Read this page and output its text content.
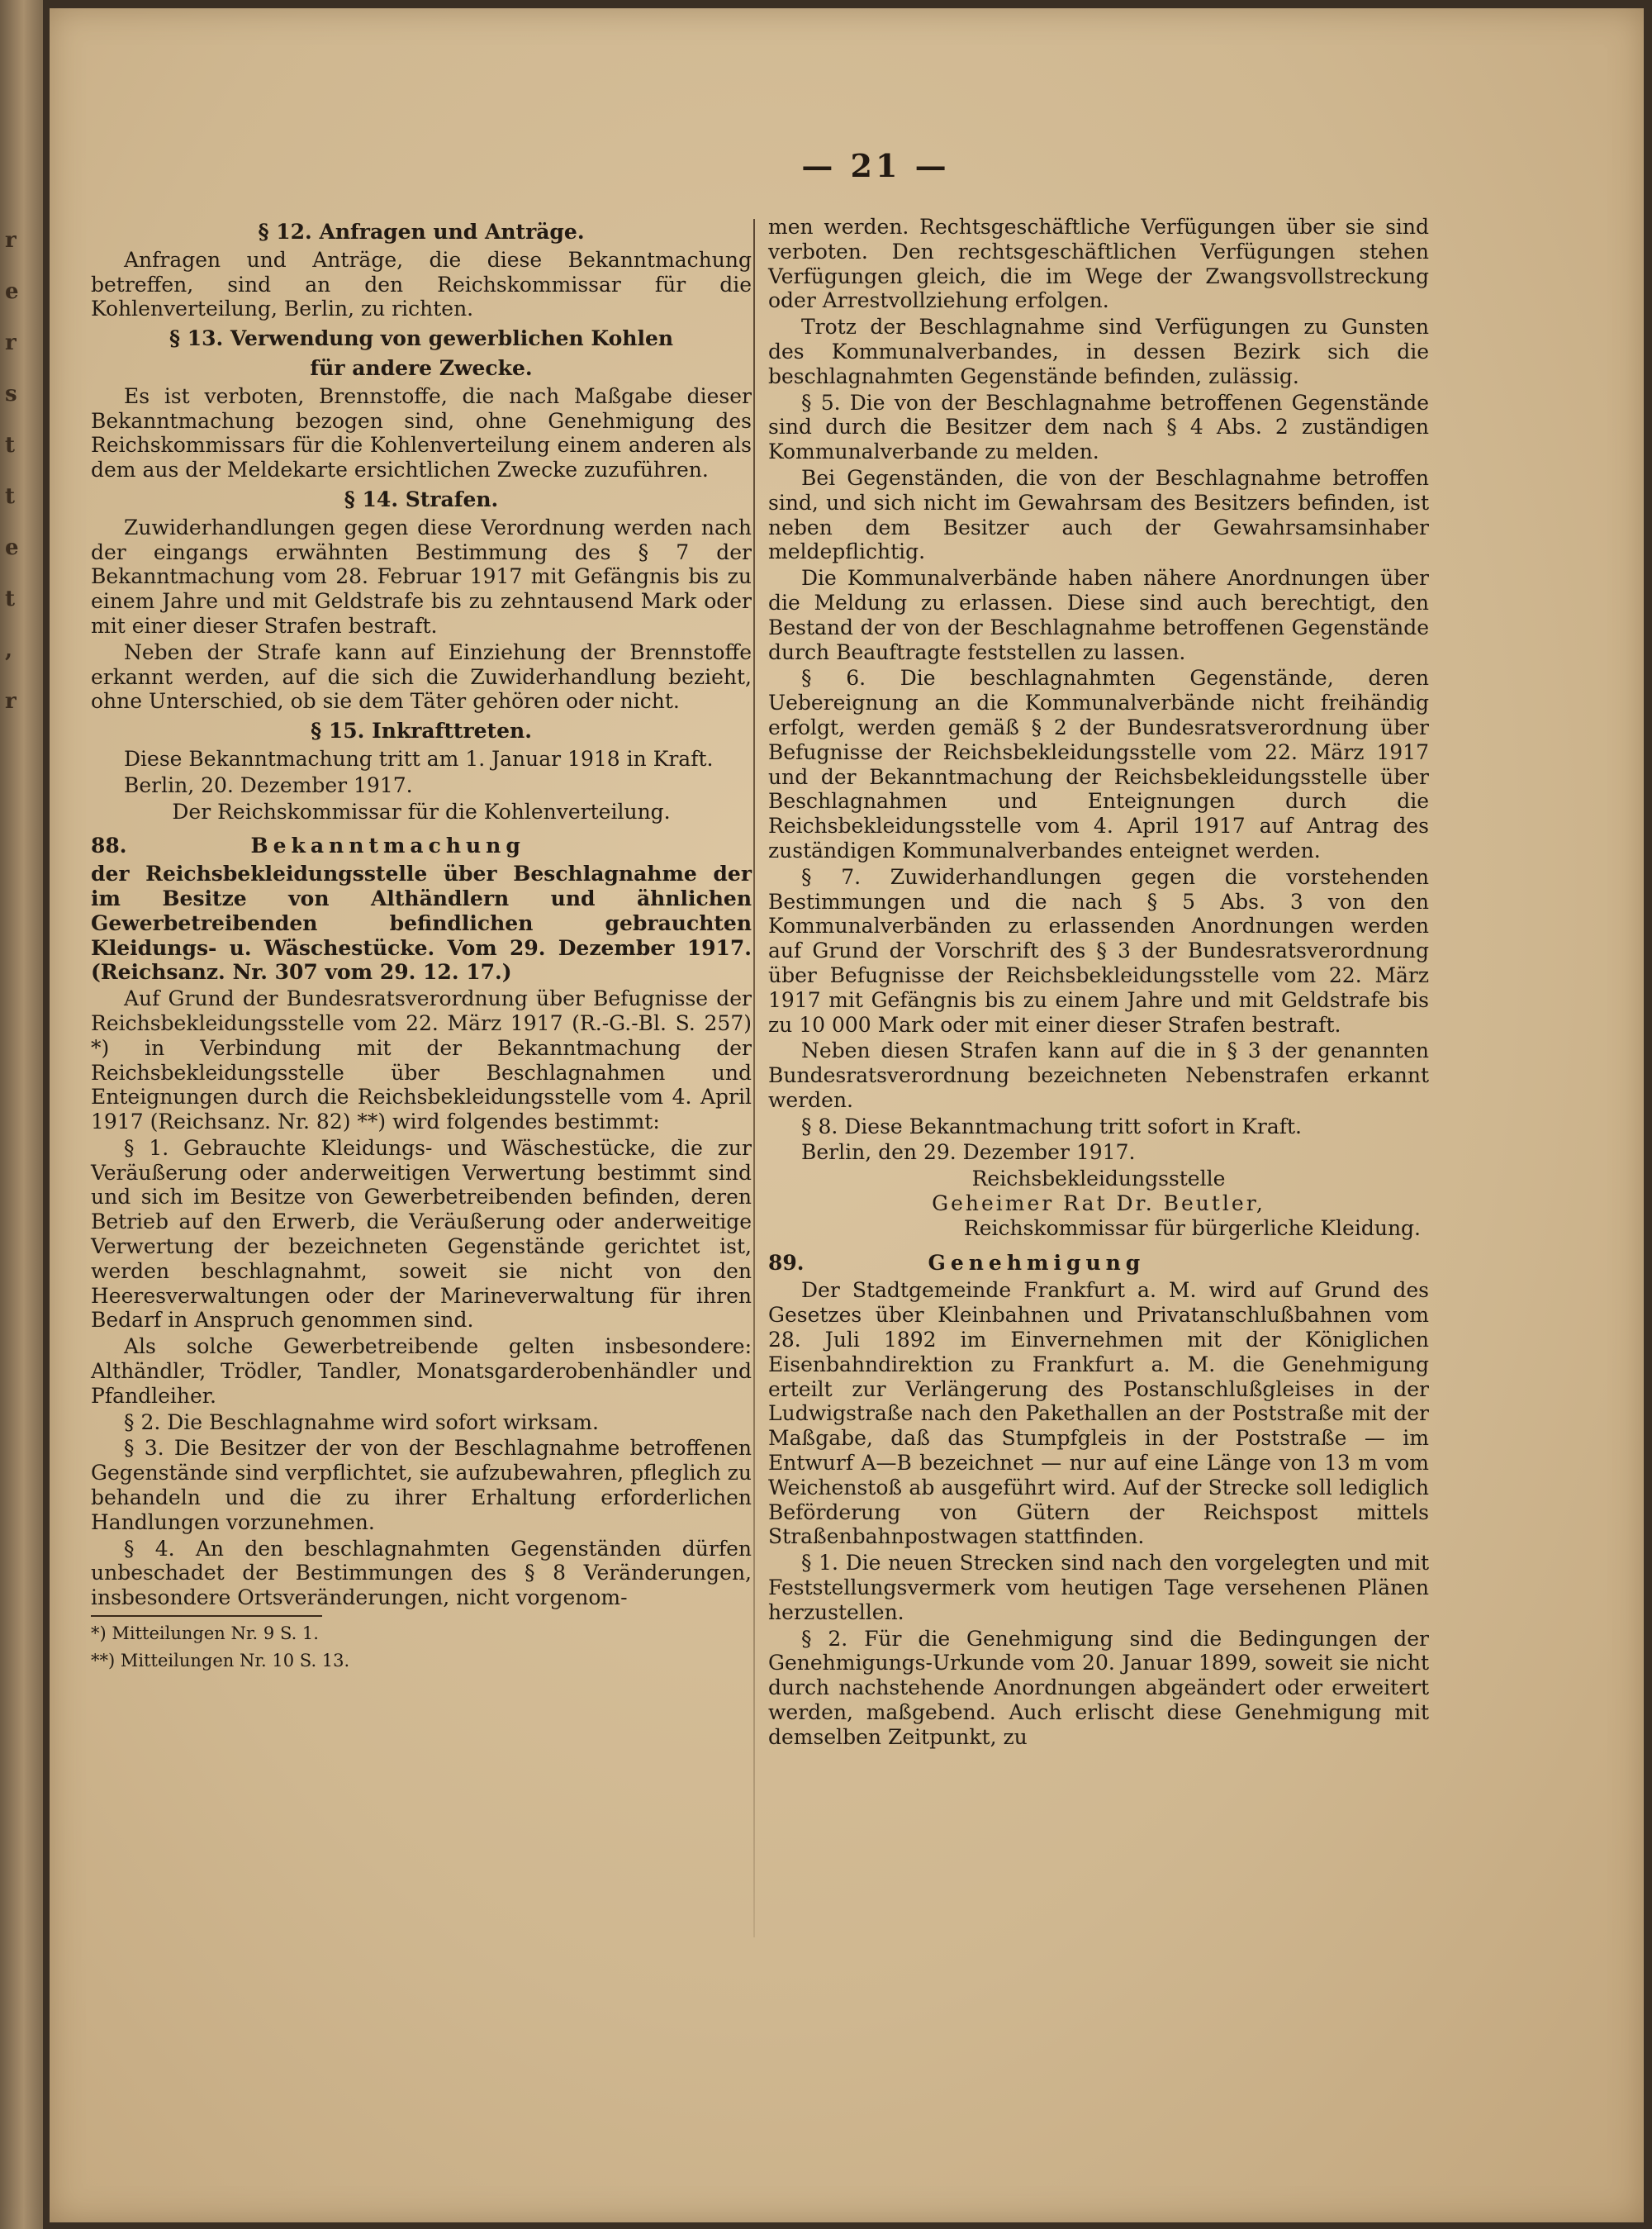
r
e
r
s
t
t
e
t
,
r
— 21 —

§ 12. Anfragen und Anträge.

Anfragen und Anträge, die diese Bekanntmachung betreffen, sind an den Reichskommissar für die Kohlenverteilung, Berlin, zu richten.

§ 13. Verwendung von gewerblichen Kohlen

für andere Zwecke.

Es ist verboten, Brennstoffe, die nach Maßgabe dieser Bekanntmachung bezogen sind, ohne Genehmigung des Reichskommissars für die Kohlenverteilung einem anderen als dem aus der Meldekarte ersichtlichen Zwecke zuzuführen.

§ 14. Strafen.

Zuwiderhandlungen gegen diese Verordnung werden nach der eingangs erwähnten Bestimmung des § 7 der Bekanntmachung vom 28. Februar 1917 mit Gefängnis bis zu einem Jahre und mit Geldstrafe bis zu zehntausend Mark oder mit einer dieser Strafen bestraft.

Neben der Strafe kann auf Einziehung der Brennstoffe erkannt werden, auf die sich die Zuwiderhandlung bezieht, ohne Unterschied, ob sie dem Täter gehören oder nicht.

§ 15. Inkrafttreten.

Diese Bekanntmachung tritt am 1. Januar 1918 in Kraft.

Berlin, 20. Dezember 1917.

Der Reichskommissar für die Kohlenverteilung.

88.	Bekanntmachung

der Reichsbekleidungsstelle über Beschlagnahme der im Besitze von Althändlern und ähnlichen Gewerbetreibenden befindlichen gebrauchten Kleidungs- u. Wäschestücke. Vom 29. Dezember 1917. (Reichsanz. Nr. 307 vom 29. 12. 17.)

Auf Grund der Bundesratsverordnung über Befugnisse der Reichsbekleidungsstelle vom 22. März 1917 (R.-G.-Bl. S. 257) *) in Verbindung mit der Bekanntmachung der Reichsbekleidungsstelle über Beschlagnahmen und Enteignungen durch die Reichsbekleidungsstelle vom 4. April 1917 (Reichsanz. Nr. 82) **) wird folgendes bestimmt:

§ 1. Gebrauchte Kleidungs- und Wäschestücke, die zur Veräußerung oder anderweitigen Verwertung bestimmt sind und sich im Besitze von Gewerbetreibenden befinden, deren Betrieb auf den Erwerb, die Veräußerung oder anderweitige Verwertung der bezeichneten Gegenstände gerichtet ist, werden beschlagnahmt, soweit sie nicht von den Heeresverwaltungen oder der Marineverwaltung für ihren Bedarf in Anspruch genommen sind.

Als solche Gewerbetreibende gelten insbesondere: Althändler, Trödler, Tandler, Monatsgarderobenhändler und Pfandleiher.

§ 2. Die Beschlagnahme wird sofort wirksam.

§ 3. Die Besitzer der von der Beschlagnahme betroffenen Gegenstände sind verpflichtet, sie aufzubewahren, pfleglich zu behandeln und die zu ihrer Erhaltung erforderlichen Handlungen vorzunehmen.

§ 4. An den beschlagnahmten Gegenständen dürfen unbeschadet der Bestimmungen des § 8 Veränderungen, insbesondere Ortsveränderungen, nicht vorgenom-

*) Mitteilungen Nr. 9 S. 1.

**) Mitteilungen Nr. 10 S. 13.

men werden. Rechtsgeschäftliche Verfügungen über sie sind verboten. Den rechtsgeschäftlichen Verfügungen stehen Verfügungen gleich, die im Wege der Zwangsvollstreckung oder Arrestvollziehung erfolgen.

Trotz der Beschlagnahme sind Verfügungen zu Gunsten des Kommunalverbandes, in dessen Bezirk sich die beschlagnahmten Gegenstände befinden, zulässig.

§ 5. Die von der Beschlagnahme betroffenen Gegenstände sind durch die Besitzer dem nach § 4 Abs. 2 zuständigen Kommunalverbande zu melden.

Bei Gegenständen, die von der Beschlagnahme betroffen sind, und sich nicht im Gewahrsam des Besitzers befinden, ist neben dem Besitzer auch der Gewahrsamsinhaber meldepflichtig.

Die Kommunalverbände haben nähere Anordnungen über die Meldung zu erlassen. Diese sind auch berechtigt, den Bestand der von der Beschlagnahme betroffenen Gegenstände durch Beauftragte feststellen zu lassen.

§ 6. Die beschlagnahmten Gegenstände, deren Uebereignung an die Kommunalverbände nicht freihändig erfolgt, werden gemäß § 2 der Bundesratsverordnung über Befugnisse der Reichsbekleidungsstelle vom 22. März 1917 und der Bekanntmachung der Reichsbekleidungsstelle über Beschlagnahmen und Enteignungen durch die Reichsbekleidungsstelle vom 4. April 1917 auf Antrag des zuständigen Kommunalverbandes enteignet werden.

§ 7. Zuwiderhandlungen gegen die vorstehenden Bestimmungen und die nach § 5 Abs. 3 von den Kommunalverbänden zu erlassenden Anordnungen werden auf Grund der Vorschrift des § 3 der Bundesratsverordnung über Befugnisse der Reichsbekleidungsstelle vom 22. März 1917 mit Gefängnis bis zu einem Jahre und mit Geldstrafe bis zu 10 000 Mark oder mit einer dieser Strafen bestraft.

Neben diesen Strafen kann auf die in § 3 der genannten Bundesratsverordnung bezeichneten Nebenstrafen erkannt werden.

§ 8. Diese Bekanntmachung tritt sofort in Kraft.

Berlin, den 29. Dezember 1917.

Reichsbekleidungsstelle

Geheimer Rat Dr. Beutler,

Reichskommissar für bürgerliche Kleidung.

89.	Genehmigung

Der Stadtgemeinde Frankfurt a. M. wird auf Grund des Gesetzes über Kleinbahnen und Privatanschlußbahnen vom 28. Juli 1892 im Einvernehmen mit der Königlichen Eisenbahndirektion zu Frankfurt a. M. die Genehmigung erteilt zur Verlängerung des Postanschlußgleises in der Ludwigstraße nach den Pakethallen an der Poststraße mit der Maßgabe, daß das Stumpfgleis in der Poststraße — im Entwurf A—B bezeichnet — nur auf eine Länge von 13 m vom Weichenstoß ab ausgeführt wird. Auf der Strecke soll lediglich Beförderung von Gütern der Reichspost mittels Straßenbahnpostwagen stattfinden.

§ 1. Die neuen Strecken sind nach den vorgelegten und mit Feststellungsvermerk vom heutigen Tage versehenen Plänen herzustellen.

§ 2. Für die Genehmigung sind die Bedingungen der Genehmigungs-Urkunde vom 20. Januar 1899, soweit sie nicht durch nachstehende Anordnungen abgeändert oder erweitert werden, maßgebend. Auch erlischt diese Genehmigung mit demselben Zeitpunkt, zu
